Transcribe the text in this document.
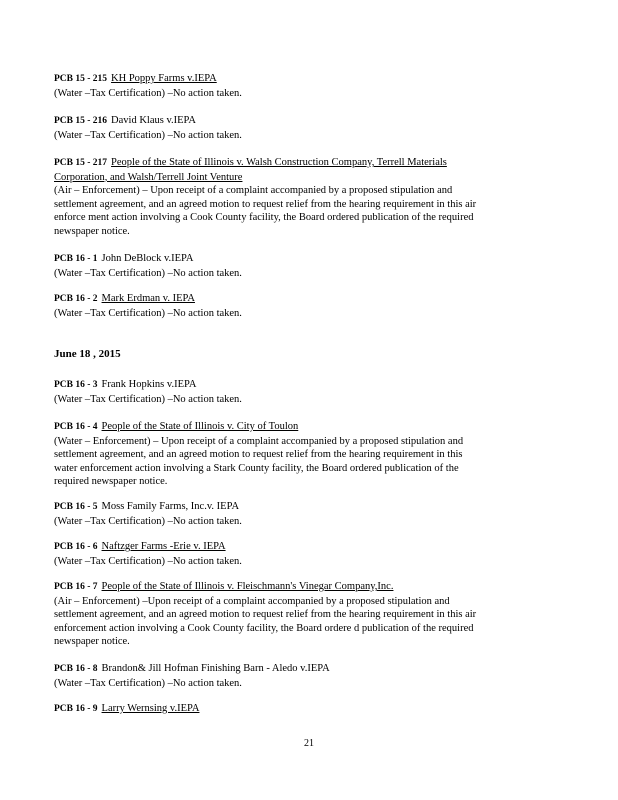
PCB 15 - 215 KH Poppy Farms v.IEPA
(Water –Tax Certification) –No action taken.
PCB 15 - 216 David Klaus v.IEPA
(Water –Tax Certification) –No action taken.
PCB 15 - 217 People of the State of Illinois v. Walsh Construction Company, Terrell Materials
Corporation, and Walsh/Terrell Joint Venture
(Air – Enforcement) – Upon receipt of a complaint accompanied by a proposed stipulation and
settlement agreement, and an agreed motion to request relief from the hearing requirement in this air
enforce ment action involving a Cook County facility, the Board ordered publication of the required
newspaper notice.
PCB 16 - 1 John DeBlock v.IEPA
(Water –Tax Certification) –No action taken.
PCB 16 - 2 Mark Erdman v. IEPA
(Water –Tax Certification) –No action taken.
June 18 , 2015
PCB 16 - 3 Frank Hopkins v.IEPA
(Water –Tax Certification) –No action taken.
PCB 16 - 4 People of the State of Illinois v. City of Toulon
(Water – Enforcement) – Upon receipt of a complaint accompanied by a proposed stipulation and
settlement agreement, and an agreed motion to request relief from the hearing requirement in this
water enforcement action involving a Stark County facility, the Board ordered publication of the
required newspaper notice.
PCB 16 - 5 Moss Family Farms, Inc.v. IEPA
(Water –Tax Certification) –No action taken.
PCB 16 - 6 Naftzger Farms -Erie v. IEPA
(Water –Tax Certification) –No action taken.
PCB 16 - 7 People of the State of Illinois v. Fleischmann's Vinegar Company,Inc.
(Air – Enforcement) –Upon receipt of a complaint accompanied by a proposed stipulation and
settlement agreement, and an agreed motion to request relief from the hearing requirement in this air
enforcement action involving a Cook County facility, the Board ordere d publication of the required
newspaper notice.
PCB 16 - 8 Brandon& Jill Hofman Finishing Barn - Aledo v.IEPA
(Water –Tax Certification) –No action taken.
PCB 16 - 9 Larry Wernsing v.IEPA
21
